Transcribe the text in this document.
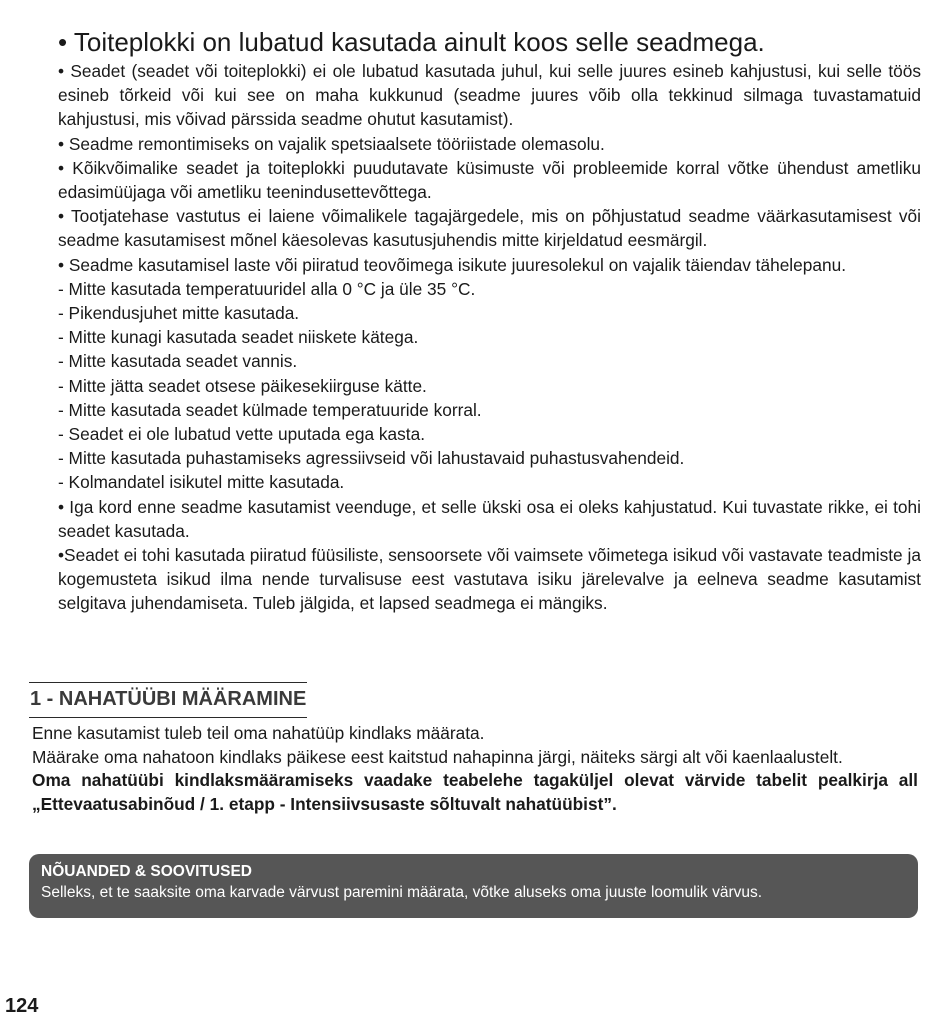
• Toiteplokki on lubatud kasutada ainult koos selle seadmega.

• Seadet (seadet või toiteplokki) ei ole lubatud kasutada juhul, kui selle juures esineb kahjustusi, kui selle töös esineb tõrkeid või kui see on maha kukkunud (seadme juures võib olla tekkinud silmaga tuvastamatuid kahjustusi, mis võivad pärssida seadme ohutut kasutamist).

• Seadme remontimiseks on vajalik spetsiaalsete tööriistade olemasolu.

• Kõikvõimalike seadet ja toiteplokki puudutavate küsimuste või probleemide korral võtke ühendust ametliku edasimüüjaga või ametliku teenindusettevõttega.

• Tootjatehase vastutus ei laiene võimalikele tagajärgedele, mis on põhjustatud seadme väärkasutamisest või seadme kasutamisest mõnel käesolevas kasutusjuhendis mitte kirjeldatud eesmärgil.

• Seadme kasutamisel laste või piiratud teovõimega isikute juuresolekul on vajalik täiendav tähelepanu.

- Mitte kasutada temperatuuridel alla 0 °C ja üle 35 °C.

- Pikendusjuhet mitte kasutada.

- Mitte kunagi kasutada seadet niiskete kätega.

- Mitte kasutada seadet vannis.

- Mitte jätta seadet otsese päikesekiirguse kätte.

- Mitte kasutada seadet külmade temperatuuride korral.

- Seadet ei ole lubatud vette uputada ega kasta.

- Mitte kasutada puhastamiseks agressiivseid või lahustavaid puhastusvahendeid.

- Kolmandatel isikutel mitte kasutada.

• Iga kord enne seadme kasutamist veenduge, et selle ükski osa ei oleks kahjustatud. Kui tuvastate rikke, ei tohi seadet kasutada.

•Seadet ei tohi kasutada piiratud füüsiliste, sensoorsete või vaimsete võimetega isikud või vastavate teadmiste ja kogemusteta isikud ilma nende turvalisuse eest vastutava isiku järelevalve ja eelneva seadme kasutamist selgitava juhendamiseta. Tuleb jälgida, et lapsed seadmega ei mängiks.

1 - NAHATÜÜBI MÄÄRAMINE

Enne kasutamist tuleb teil oma nahatüüp kindlaks määrata.

Määrake oma nahatoon kindlaks päikese eest kaitstud nahapinna järgi, näiteks särgi alt või kaenlaalustelt.

Oma nahatüübi kindlaksmääramiseks vaadake teabelehe tagaküljel olevat värvide tabelit pealkirja all „Ettevaatusabinõud / 1. etapp - Intensiivsusaste sõltuvalt nahatüübist”.

NÕUANDED & SOOVITUSED

Selleks, et te saaksite oma karvade värvust paremini määrata, võtke aluseks oma juuste loomulik värvus.

124
